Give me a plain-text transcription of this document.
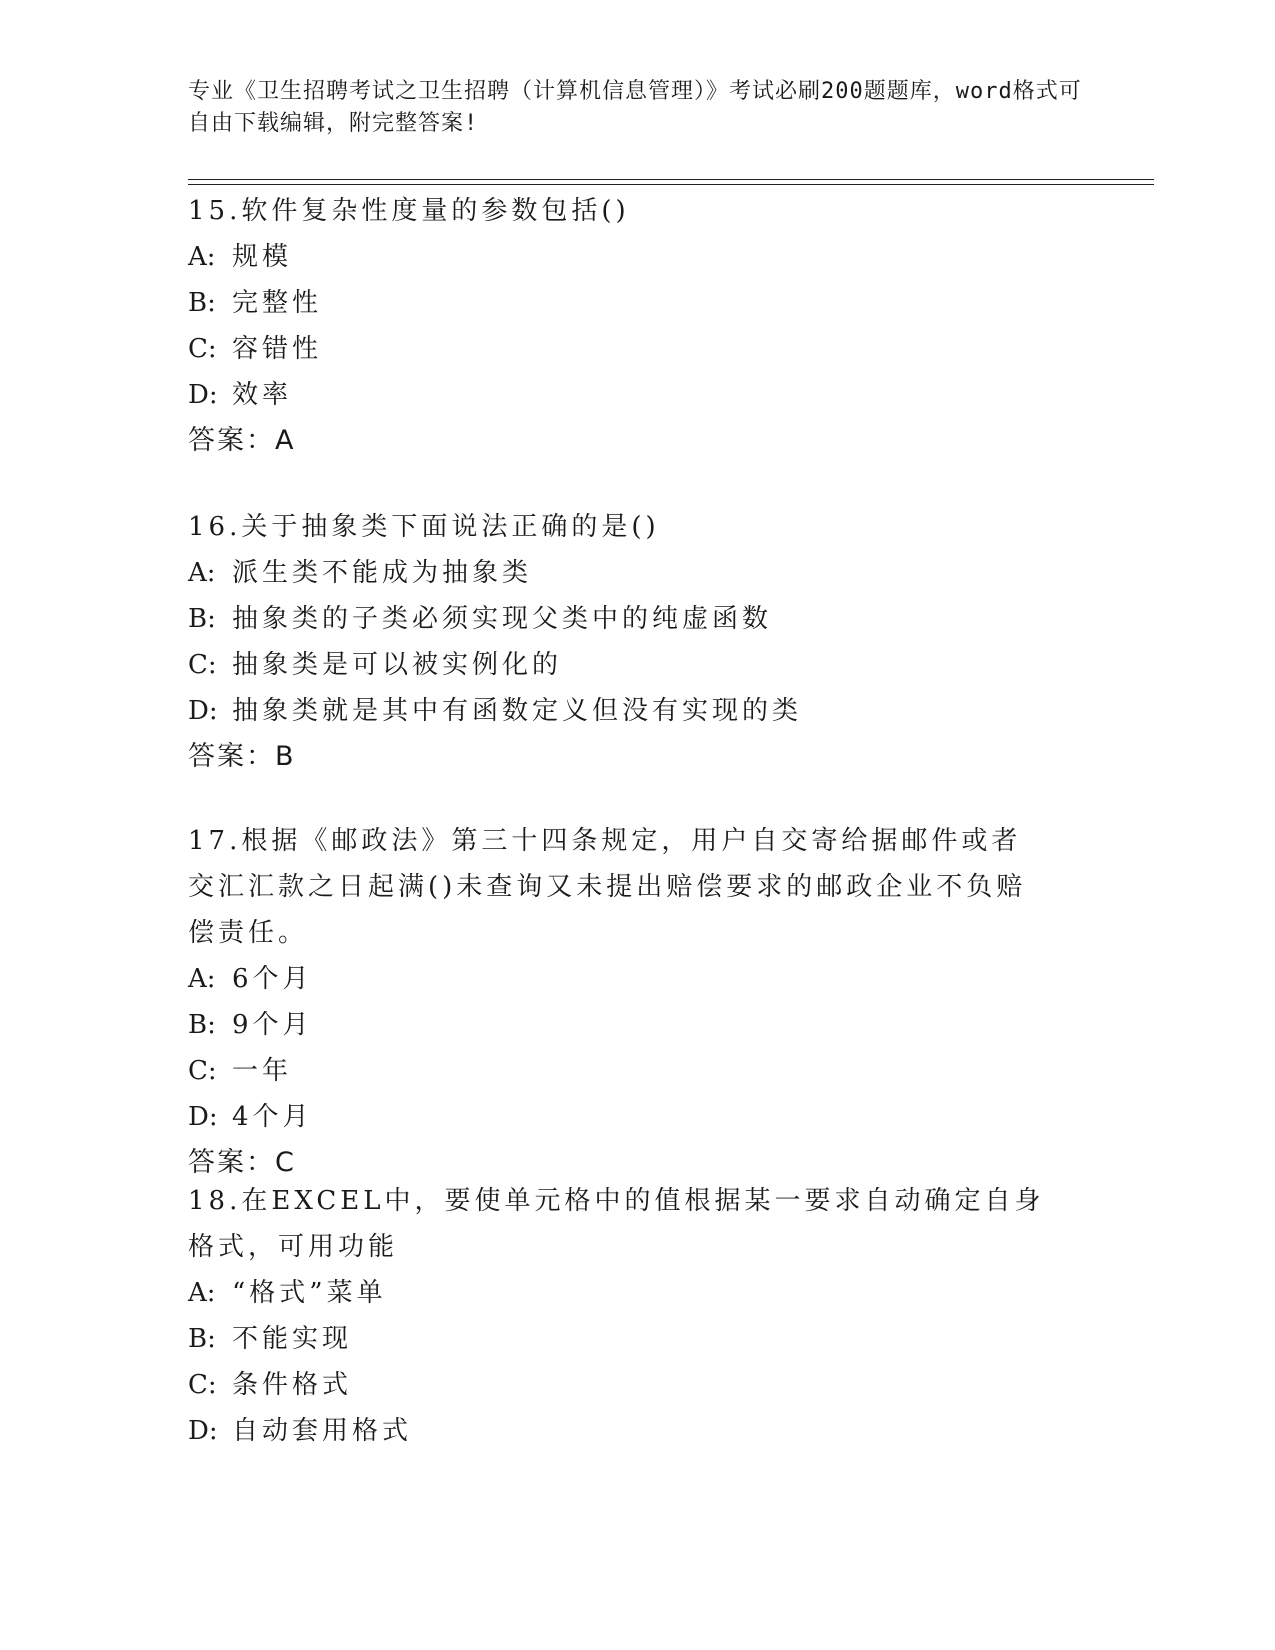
专业《卫生招聘考试之卫生招聘（计算机信息管理）》考试必刷200题题库，word格式可自由下载编辑，附完整答案!
15.软件复杂性度量的参数包括()
A: 规模
B: 完整性
C: 容错性
D: 效率
答案：A
16.关于抽象类下面说法正确的是()
A: 派生类不能成为抽象类
B: 抽象类的子类必须实现父类中的纯虚函数
C: 抽象类是可以被实例化的
D: 抽象类就是其中有函数定义但没有实现的类
答案：B
17.根据《邮政法》第三十四条规定，用户自交寄给据邮件或者交汇汇款之日起满()未查询又未提出赔偿要求的邮政企业不负赔偿责任。
A: 6个月
B: 9个月
C: 一年
D: 4个月
答案：C
18.在EXCEL中，要使单元格中的值根据某一要求自动确定自身格式，可用功能
A: “格式”菜单
B: 不能实现
C: 条件格式
D: 自动套用格式
